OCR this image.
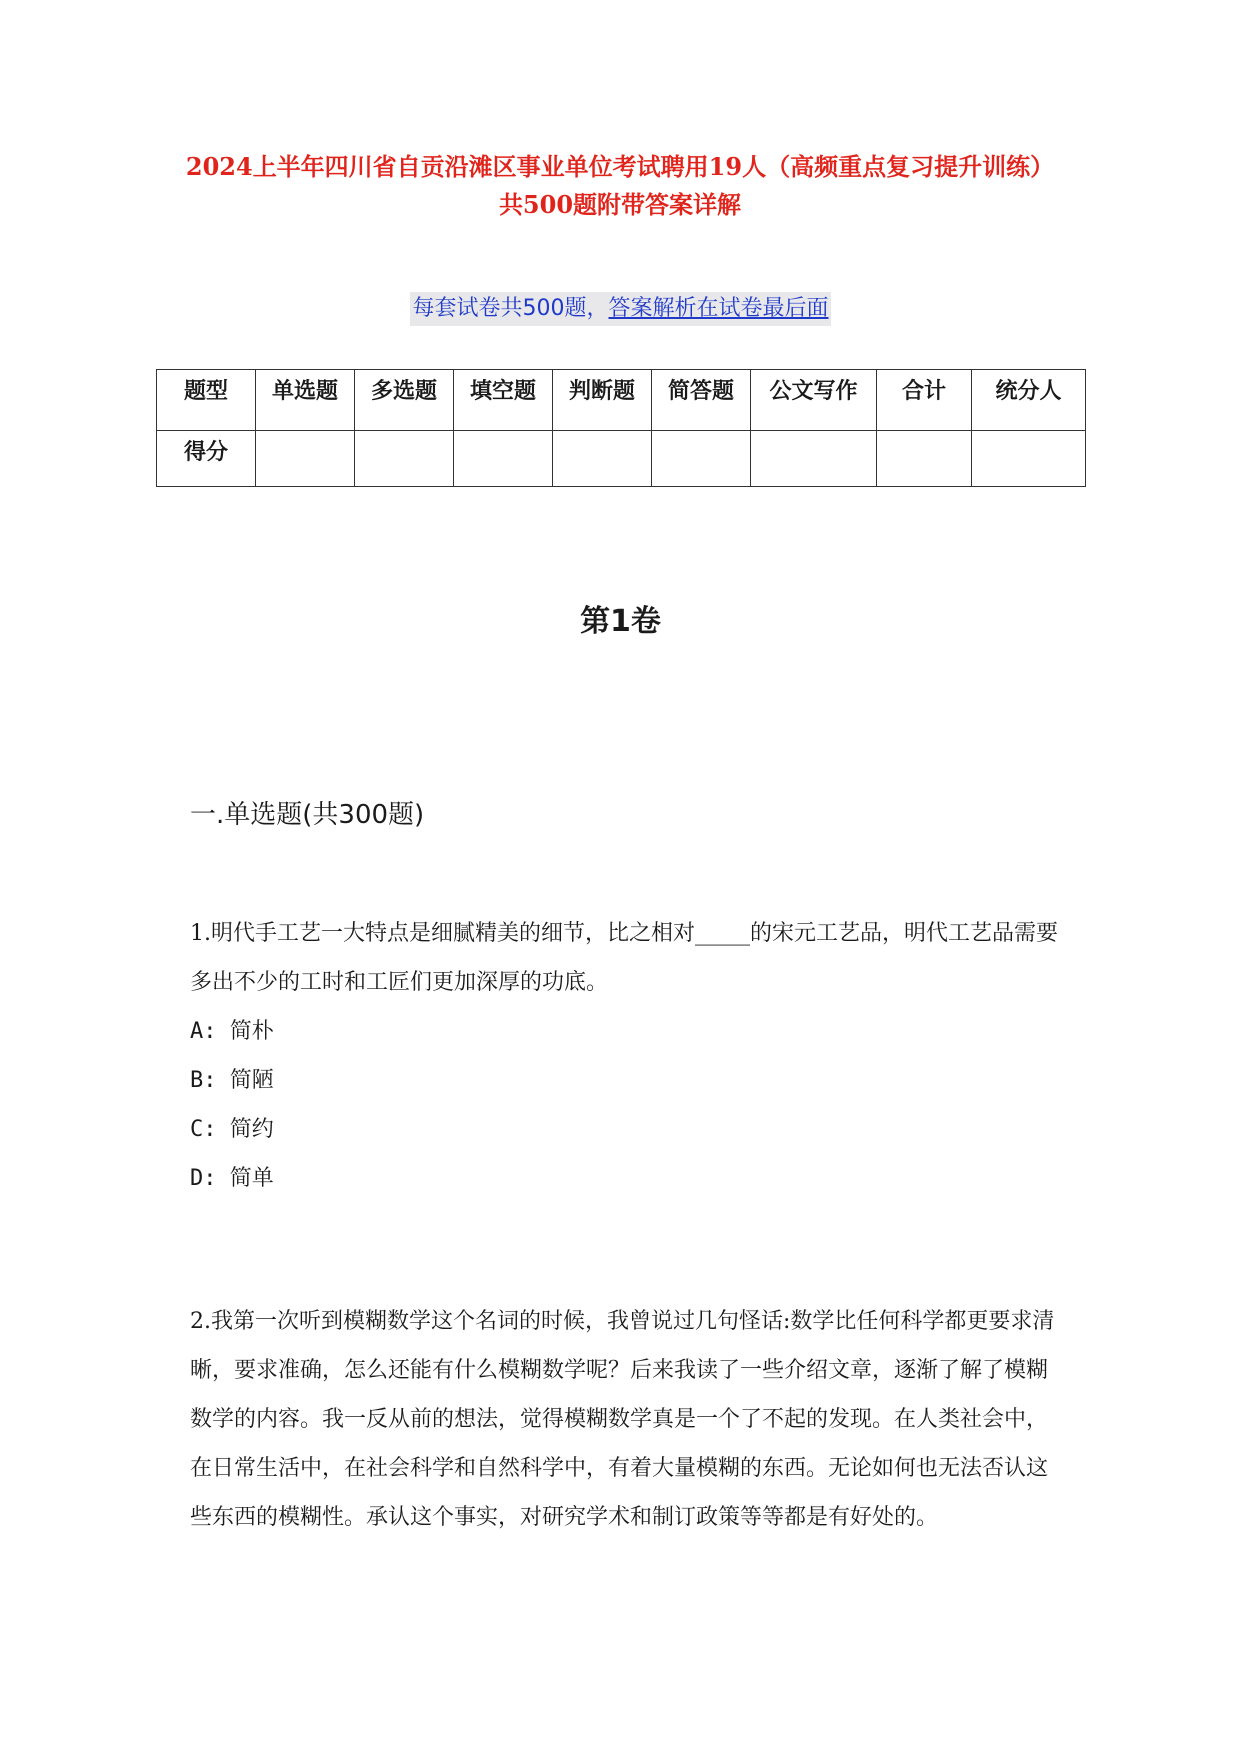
2024上半年四川省自贡沿滩区事业单位考试聘用19人（高频重点复习提升训练）共500题附带答案详解
每套试卷共500题，答案解析在试卷最后面
题型	单选题	多选题	填空题	判断题	简答题	公文写作	合计	统分人
得分								
第1卷
一.单选题(共300题)

1.明代手工艺一大特点是细腻精美的细节，比之相对_____的宋元工艺品，明代工艺品需要多出不少的工时和工匠们更加深厚的功底。

A: 简朴
B: 简陋
C: 简约
D: 简单

2.我第一次听到模糊数学这个名词的时候，我曾说过几句怪话:数学比任何科学都更要求清晰，要求准确，怎么还能有什么模糊数学呢？后来我读了一些介绍文章，逐渐了解了模糊数学的内容。我一反从前的想法，觉得模糊数学真是一个了不起的发现。在人类社会中，在日常生活中，在社会科学和自然科学中，有着大量模糊的东西。无论如何也无法否认这些东西的模糊性。承认这个事实，对研究学术和制订政策等等都是有好处的。
